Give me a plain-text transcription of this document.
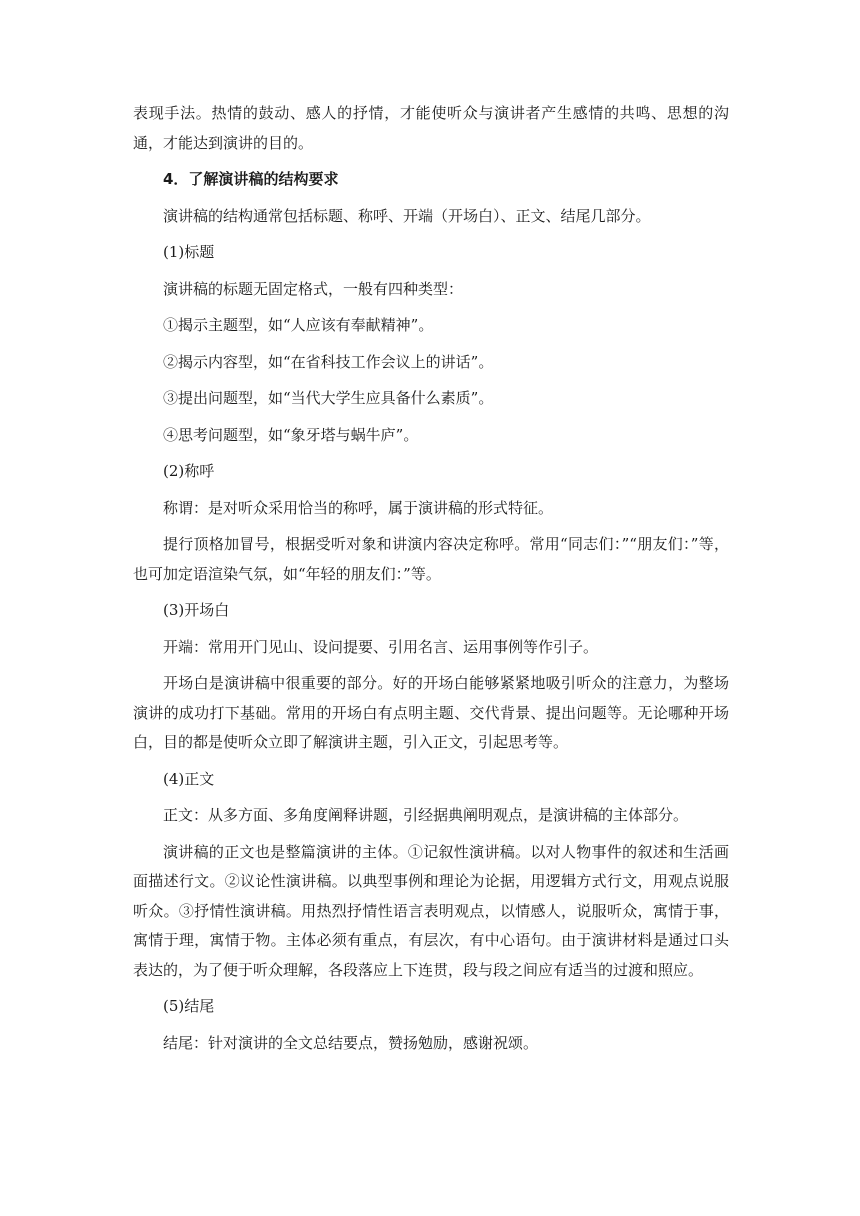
表现手法。热情的鼓动、感人的抒情，才能使听众与演讲者产生感情的共鸣、思想的沟通，才能达到演讲的目的。

4．了解演讲稿的结构要求

演讲稿的结构通常包括标题、称呼、开端（开场白）、正文、结尾几部分。

(1)标题

演讲稿的标题无固定格式，一般有四种类型：

①揭示主题型，如“人应该有奉献精神”。

②揭示内容型，如“在省科技工作会议上的讲话”。

③提出问题型，如“当代大学生应具备什么素质”。

④思考问题型，如“象牙塔与蜗牛庐”。

(2)称呼

称谓：是对听众采用恰当的称呼，属于演讲稿的形式特征。

提行顶格加冒号，根据受听对象和讲演内容决定称呼。常用“同志们：”“朋友们：”等，也可加定语渲染气氛，如“年轻的朋友们：”等。

(3)开场白

开端：常用开门见山、设问提要、引用名言、运用事例等作引子。

开场白是演讲稿中很重要的部分。好的开场白能够紧紧地吸引听众的注意力，为整场演讲的成功打下基础。常用的开场白有点明主题、交代背景、提出问题等。无论哪种开场白，目的都是使听众立即了解演讲主题，引入正文，引起思考等。

(4)正文

正文：从多方面、多角度阐释讲题，引经据典阐明观点，是演讲稿的主体部分。

演讲稿的正文也是整篇演讲的主体。①记叙性演讲稿。以对人物事件的叙述和生活画面描述行文。②议论性演讲稿。以典型事例和理论为论据，用逻辑方式行文，用观点说服听众。③抒情性演讲稿。用热烈抒情性语言表明观点，以情感人，说服听众，寓情于事，寓情于理，寓情于物。主体必须有重点，有层次，有中心语句。由于演讲材料是通过口头表达的，为了便于听众理解，各段落应上下连贯，段与段之间应有适当的过渡和照应。

(5)结尾

结尾：针对演讲的全文总结要点，赞扬勉励，感谢祝颂。
